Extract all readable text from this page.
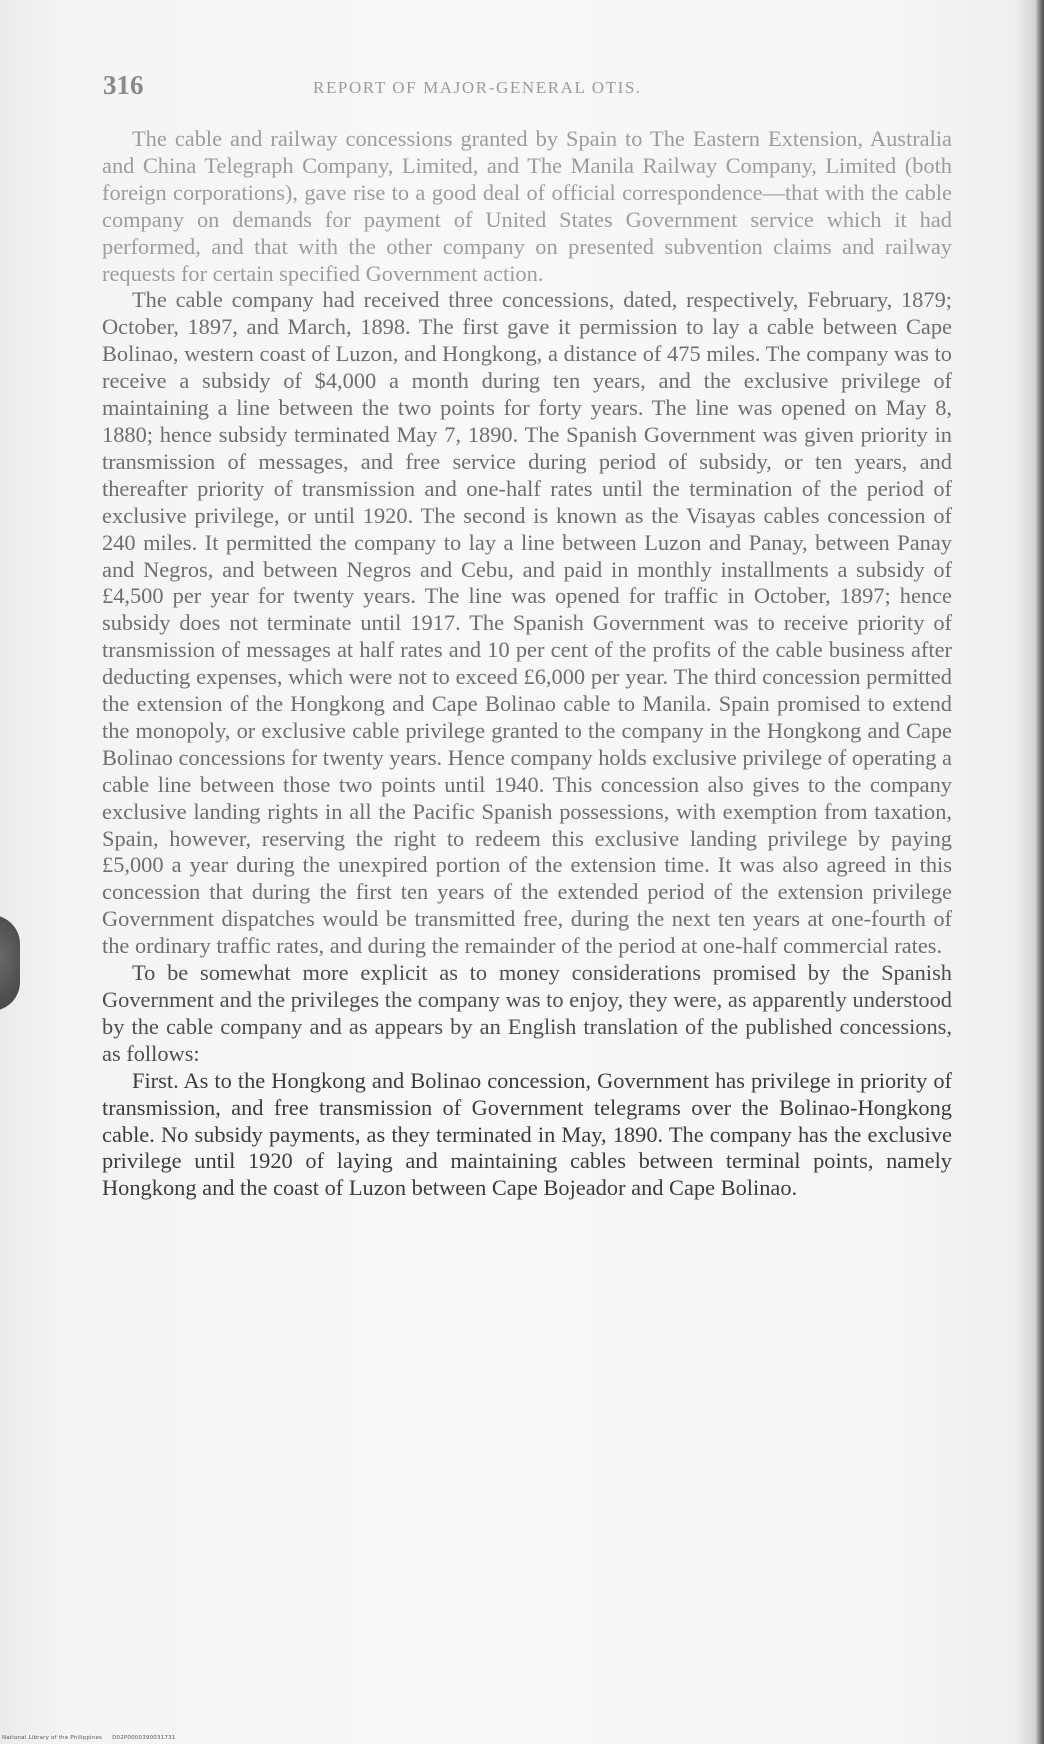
316	REPORT OF MAJOR-GENERAL OTIS.

The cable and railway concessions granted by Spain to The Eastern Extension, Australia and China Telegraph Company, Limited, and The Manila Railway Company, Limited (both foreign corporations), gave rise to a good deal of official correspondence—that with the cable company on demands for payment of United States Government service which it had performed, and that with the other company on presented subvention claims and railway requests for certain specified Government action.

The cable company had received three concessions, dated, respectively, February, 1879; October, 1897, and March, 1898. The first gave it permission to lay a cable between Cape Bolinao, western coast of Luzon, and Hongkong, a distance of 475 miles. The company was to receive a subsidy of $4,000 a month during ten years, and the exclusive privilege of maintaining a line between the two points for forty years. The line was opened on May 8, 1880; hence subsidy terminated May 7, 1890. The Spanish Government was given priority in transmission of messages, and free service during period of subsidy, or ten years, and thereafter priority of transmission and one-half rates until the termination of the period of exclusive privilege, or until 1920. The second is known as the Visayas cables concession of 240 miles. It permitted the company to lay a line between Luzon and Panay, between Panay and Negros, and between Negros and Cebu, and paid in monthly installments a subsidy of £4,500 per year for twenty years. The line was opened for traffic in October, 1897; hence subsidy does not terminate until 1917. The Spanish Government was to receive priority of transmission of messages at half rates and 10 per cent of the profits of the cable business after deducting expenses, which were not to exceed £6,000 per year. The third concession permitted the extension of the Hongkong and Cape Bolinao cable to Manila. Spain promised to extend the monopoly, or exclusive cable privilege granted to the company in the Hongkong and Cape Bolinao concessions for twenty years. Hence company holds exclusive privilege of operating a cable line between those two points until 1940. This concession also gives to the company exclusive landing rights in all the Pacific Spanish possessions, with exemption from taxation, Spain, however, reserving the right to redeem this exclusive landing privilege by paying £5,000 a year during the unexpired portion of the extension time. It was also agreed in this concession that during the first ten years of the extended period of the extension privilege Government dispatches would be transmitted free, during the next ten years at one-fourth of the ordinary traffic rates, and during the remainder of the period at one-half commercial rates.

To be somewhat more explicit as to money considerations promised by the Spanish Government and the privileges the company was to enjoy, they were, as apparently understood by the cable company and as appears by an English translation of the published concessions, as follows:

First. As to the Hongkong and Bolinao concession, Government has privilege in priority of transmission, and free transmission of Government telegrams over the Bolinao-Hongkong cable. No subsidy payments, as they terminated in May, 1890. The company has the exclusive privilege until 1920 of laying and maintaining cables between terminal points, namely Hongkong and the coast of Luzon between Cape Bojeador and Cape Bolinao.

National Library of the Philippines D02P0000390031731
